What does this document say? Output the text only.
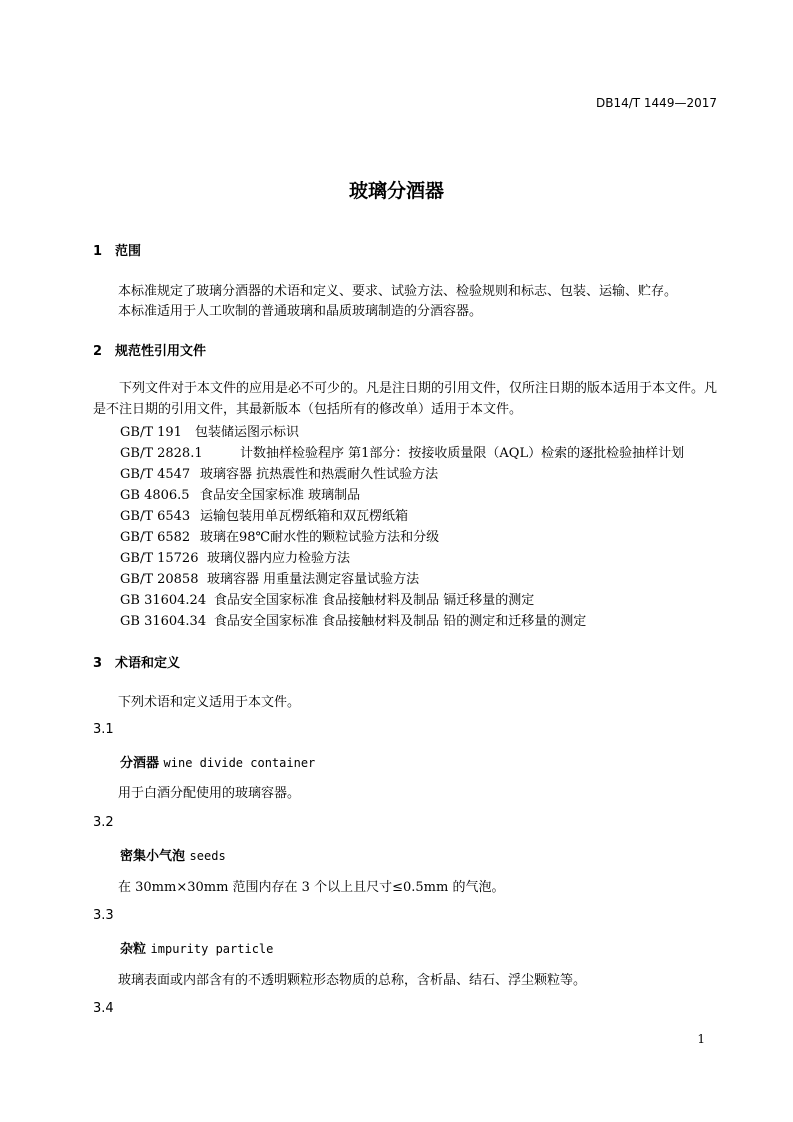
DB14/T 1449—2017
玻璃分酒器
1 范围
本标准规定了玻璃分酒器的术语和定义、要求、试验方法、检验规则和标志、包装、运输、贮存。
本标准适用于人工吹制的普通玻璃和晶质玻璃制造的分酒容器。
2 规范性引用文件
下列文件对于本文件的应用是必不可少的。凡是注日期的引用文件，仅所注日期的版本适用于本文件。凡是不注日期的引用文件，其最新版本（包括所有的修改单）适用于本文件。
GB/T 191 包装储运图示标识
GB/T 2828.1	计数抽样检验程序 第1部分：按接收质量限（AQL）检索的逐批检验抽样计划
GB/T 4547 玻璃容器 抗热震性和热震耐久性试验方法
GB 4806.5 食品安全国家标准 玻璃制品
GB/T 6543 运输包装用单瓦楞纸箱和双瓦楞纸箱
GB/T 6582 玻璃在98℃耐水性的颗粒试验方法和分级
GB/T 15726 玻璃仪器内应力检验方法
GB/T 20858 玻璃容器 用重量法测定容量试验方法
GB 31604.24 食品安全国家标准 食品接触材料及制品 镉迁移量的测定
GB 31604.34 食品安全国家标准 食品接触材料及制品 铅的测定和迁移量的测定
3 术语和定义
下列术语和定义适用于本文件。
3.1
分酒器 wine divide container
用于白酒分配使用的玻璃容器。
3.2
密集小气泡 seeds
在 30mm×30mm 范围内存在 3 个以上且尺寸≤0.5mm 的气泡。
3.3
杂粒 impurity particle
玻璃表面或内部含有的不透明颗粒形态物质的总称，含析晶、结石、浮尘颗粒等。
3.4
1
